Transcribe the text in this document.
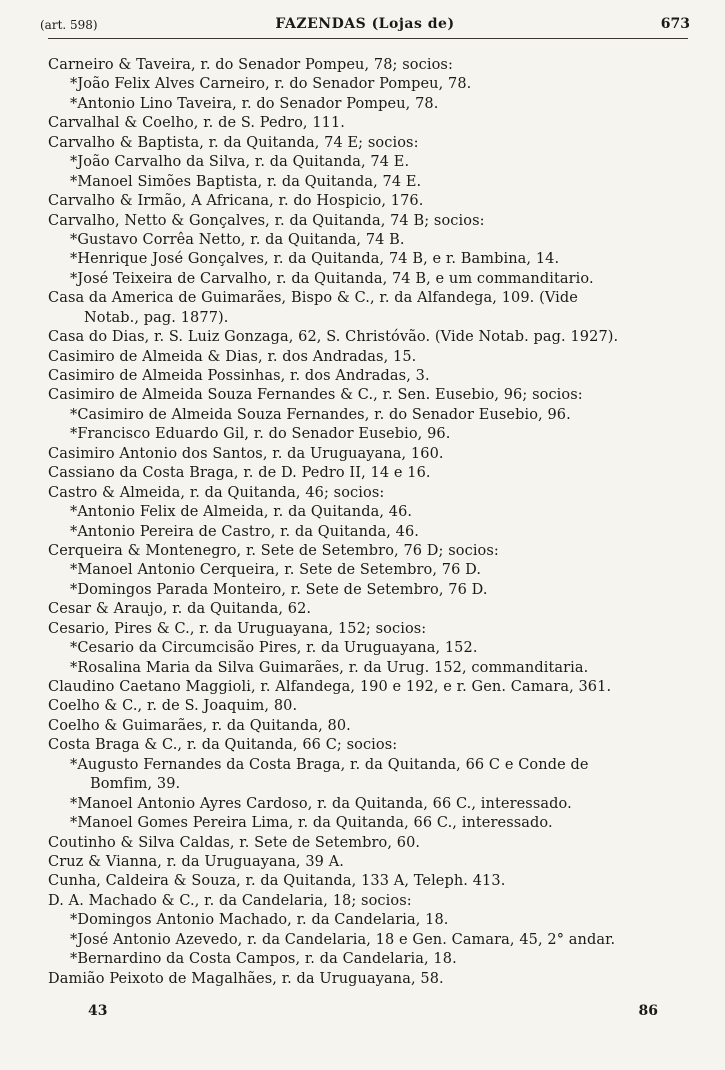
(art. 598)	FAZENDAS (Lojas de)	673
Carneiro & Taveira, r. do Senador Pompeu, 78; socios:
*João Felix Alves Carneiro, r. do Senador Pompeu, 78.
*Antonio Lino Taveira, r. do Senador Pompeu, 78.
Carvalhal & Coelho, r. de S. Pedro, 111.
Carvalho & Baptista, r. da Quitanda, 74 E; socios:
*João Carvalho da Silva, r. da Quitanda, 74 E.
*Manoel Simões Baptista, r. da Quitanda, 74 E.
Carvalho & Irmão, A Africana, r. do Hospicio, 176.
Carvalho, Netto & Gonçalves, r. da Quitanda, 74 B; socios:
*Gustavo Corrêa Netto, r. da Quitanda, 74 B.
*Henrique José Gonçalves, r. da Quitanda, 74 B, e r. Bambina, 14.
*José Teixeira de Carvalho, r. da Quitanda, 74 B, e um commanditario.
Casa da America de Guimarães, Bispo & C., r. da Alfandega, 109. (Vide
Notab., pag. 1877).
Casa do Dias, r. S. Luiz Gonzaga, 62, S. Christóvão. (Vide Notab. pag. 1927).
Casimiro de Almeida & Dias, r. dos Andradas, 15.
Casimiro de Almeida Possinhas, r. dos Andradas, 3.
Casimiro de Almeida Souza Fernandes & C., r. Sen. Eusebio, 96; socios:
*Casimiro de Almeida Souza Fernandes, r. do Senador Eusebio, 96.
*Francisco Eduardo Gil, r. do Senador Eusebio, 96.
Casimiro Antonio dos Santos, r. da Uruguayana, 160.
Cassiano da Costa Braga, r. de D. Pedro II, 14 e 16.
Castro & Almeida, r. da Quitanda, 46; socios:
*Antonio Felix de Almeida, r. da Quitanda, 46.
*Antonio Pereira de Castro, r. da Quitanda, 46.
Cerqueira & Montenegro, r. Sete de Setembro, 76 D; socios:
*Manoel Antonio Cerqueira, r. Sete de Setembro, 76 D.
*Domingos Parada Monteiro, r. Sete de Setembro, 76 D.
Cesar & Araujo, r. da Quitanda, 62.
Cesario, Pires & C., r. da Uruguayana, 152; socios:
*Cesario da Circumcisão Pires, r. da Uruguayana, 152.
*Rosalina Maria da Silva Guimarães, r. da Urug. 152, commanditaria.
Claudino Caetano Maggioli, r. Alfandega, 190 e 192, e r. Gen. Camara, 361.
Coelho & C., r. de S. Joaquim, 80.
Coelho & Guimarães, r. da Quitanda, 80.
Costa Braga & C., r. da Quitanda, 66 C; socios:
*Augusto Fernandes da Costa Braga, r. da Quitanda, 66 C e Conde de
Bomfim, 39.
*Manoel Antonio Ayres Cardoso, r. da Quitanda, 66 C., interessado.
*Manoel Gomes Pereira Lima, r. da Quitanda, 66 C., interessado.
Coutinho & Silva Caldas, r. Sete de Setembro, 60.
Cruz & Vianna, r. da Uruguayana, 39 A.
Cunha, Caldeira & Souza, r. da Quitanda, 133 A, Teleph. 413.
D. A. Machado & C., r. da Candelaria, 18; socios:
*Domingos Antonio Machado, r. da Candelaria, 18.
*José Antonio Azevedo, r. da Candelaria, 18 e Gen. Camara, 45, 2° andar.
*Bernardino da Costa Campos, r. da Candelaria, 18.
Damião Peixoto de Magalhães, r. da Uruguayana, 58.
43	86
